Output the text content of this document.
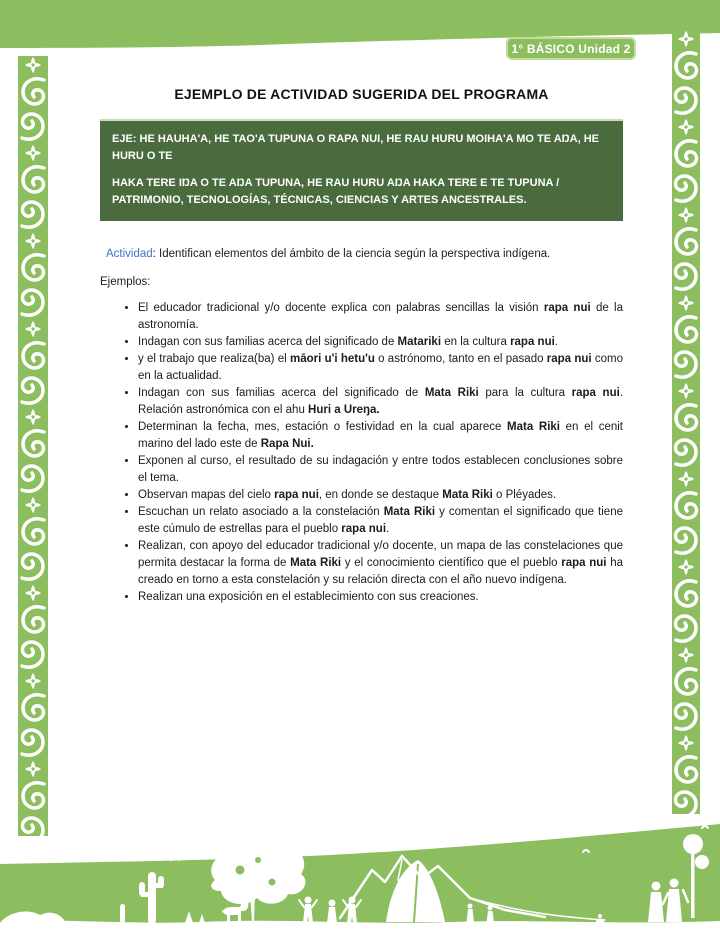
1° BÁSICO Unidad 2
EJEMPLO DE ACTIVIDAD SUGERIDA DEL PROGRAMA

EJE: HE HAUHA'A, HE TAO'A TUPUNA O RAPA NUI, HE RAU HURU MOIHA'A MO TE AŊA, HE HURU O TE

HAKA TERE IŊA O TE AŊA TUPUNA, HE RAU HURU AŊA HAKA TERE E TE TUPUNA / PATRIMONIO, TECNOLOGÍAS, TÉCNICAS, CIENCIAS Y ARTES ANCESTRALES.

Actividad: Identifican elementos del ámbito de la ciencia según la perspectiva indígena.

Ejemplos:

• El educador tradicional y/o docente explica con palabras sencillas la visión rapa nui de la astronomía.
• Indagan con sus familias acerca del significado de Matariki en la cultura rapa nui.
• y el trabajo que realiza(ba) el māori u'i hetu'u o astrónomo, tanto en el pasado rapa nui como en la actualidad.
• Indagan con sus familias acerca del significado de Mata Riki para la cultura rapa nui. Relación astronómica con el ahu Huri a Ureŋa.
• Determinan la fecha, mes, estación o festividad en la cual aparece Mata Riki en el cenit marino del lado este de Rapa Nui.
• Exponen al curso, el resultado de su indagación y entre todos establecen conclusiones sobre el tema.
• Observan mapas del cielo rapa nui, en donde se destaque Mata Riki o Pléyades.
• Escuchan un relato asociado a la constelación Mata Riki y comentan el significado que tiene este cúmulo de estrellas para el pueblo rapa nui.
• Realizan, con apoyo del educador tradicional y/o docente, un mapa de las constelaciones que permita destacar la forma de Mata Riki y el conocimiento científico que el pueblo rapa nui ha creado en torno a esta constelación y su relación directa con el año nuevo indígena.
• Realizan una exposición en el establecimiento con sus creaciones.
